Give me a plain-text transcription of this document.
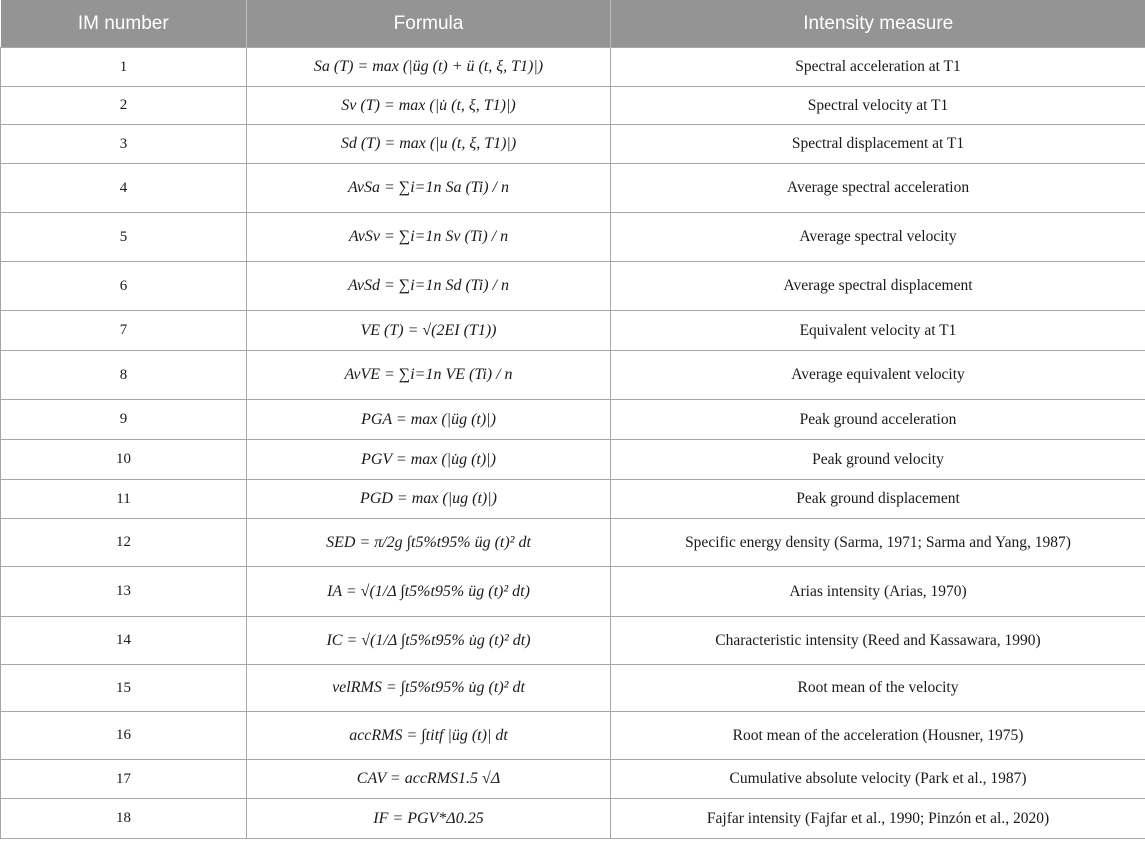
IM number	Formula	Intensity measure
1	Sa (T) = max (|üg (t) + ü (t, ξ, T1)|)	Spectral acceleration at T1
2	Sv (T) = max (|u̇ (t, ξ, T1)|)	Spectral velocity at T1
3	Sd (T) = max (|u (t, ξ, T1)|)	Spectral displacement at T1
4	AvSa = ∑i=1n Sa (Ti) / n	Average spectral acceleration
5	AvSv = ∑i=1n Sv (Ti) / n	Average spectral velocity
6	AvSd = ∑i=1n Sd (Ti) / n	Average spectral displacement
7	VE (T) = √(2EI (T1))	Equivalent velocity at T1
8	AvVE = ∑i=1n VE (Ti) / n	Average equivalent velocity
9	PGA = max (|üg (t)|)	Peak ground acceleration
10	PGV = max (|u̇g (t)|)	Peak ground velocity
11	PGD = max (|ug (t)|)	Peak ground displacement
12	SED = π/2g ∫t5%t95% üg (t)² dt	Specific energy density (Sarma, 1971; Sarma and Yang, 1987)
13	IA = √(1/Δ ∫t5%t95% üg (t)² dt)	Arias intensity (Arias, 1970)
14	IC = √(1/Δ ∫t5%t95% u̇g (t)² dt)	Characteristic intensity (Reed and Kassawara, 1990)
15	velRMS = ∫t5%t95% u̇g (t)² dt	Root mean of the velocity
16	accRMS = ∫titf |üg (t)| dt	Root mean of the acceleration (Housner, 1975)
17	CAV = accRMS1.5 √Δ	Cumulative absolute velocity (Park et al., 1987)
18	IF = PGV*Δ0.25	Fajfar intensity (Fajfar et al., 1990; Pinzón et al., 2020)
